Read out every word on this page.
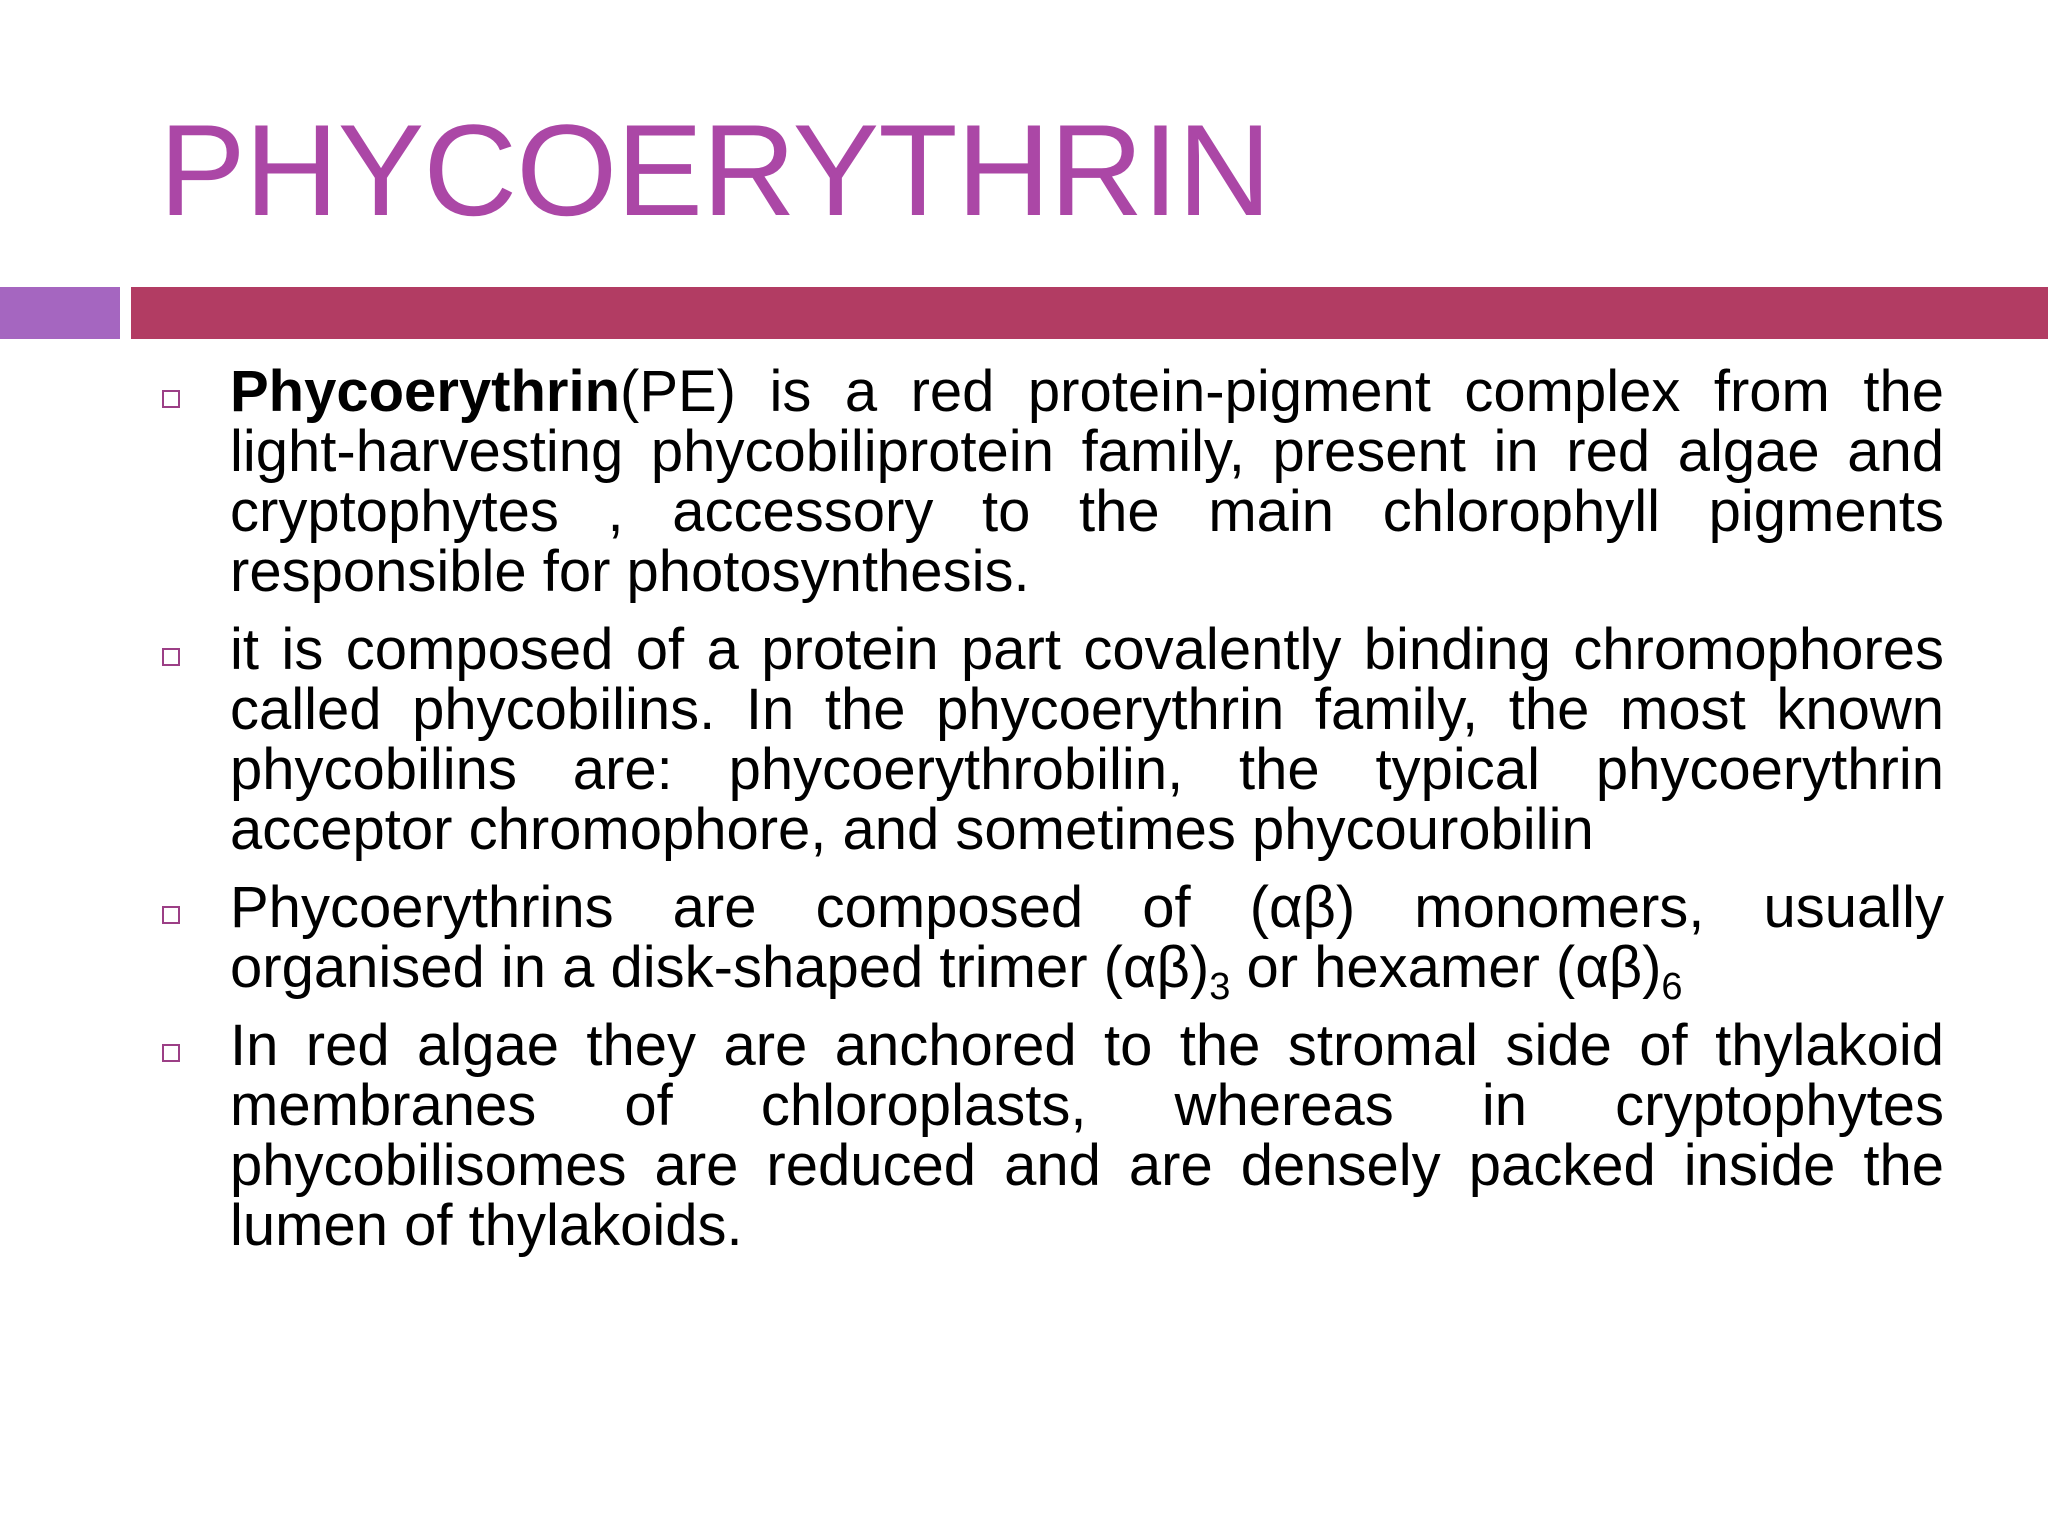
PHYCOERYTHRIN
Phycoerythrin(PE) is a red protein-pigment complex from the light-harvesting phycobiliprotein family, present in red algae and cryptophytes , accessory to the main chlorophyll pigments responsible for photosynthesis.
it is composed of a protein part covalently binding chromophores called phycobilins. In the phycoerythrin family, the most known phycobilins are: phycoerythrobilin, the typical phycoerythrin acceptor chromophore, and sometimes phycourobilin
Phycoerythrins are composed of (αβ) monomers, usually organised in a disk-shaped trimer $(\alpha\beta)_3$ or hexamer $(\alpha\beta)_6$
In red algae they are anchored to the stromal side of thylakoid membranes of chloroplasts, whereas in cryptophytes phycobilisomes are reduced and are densely packed inside the lumen of thylakoids.
